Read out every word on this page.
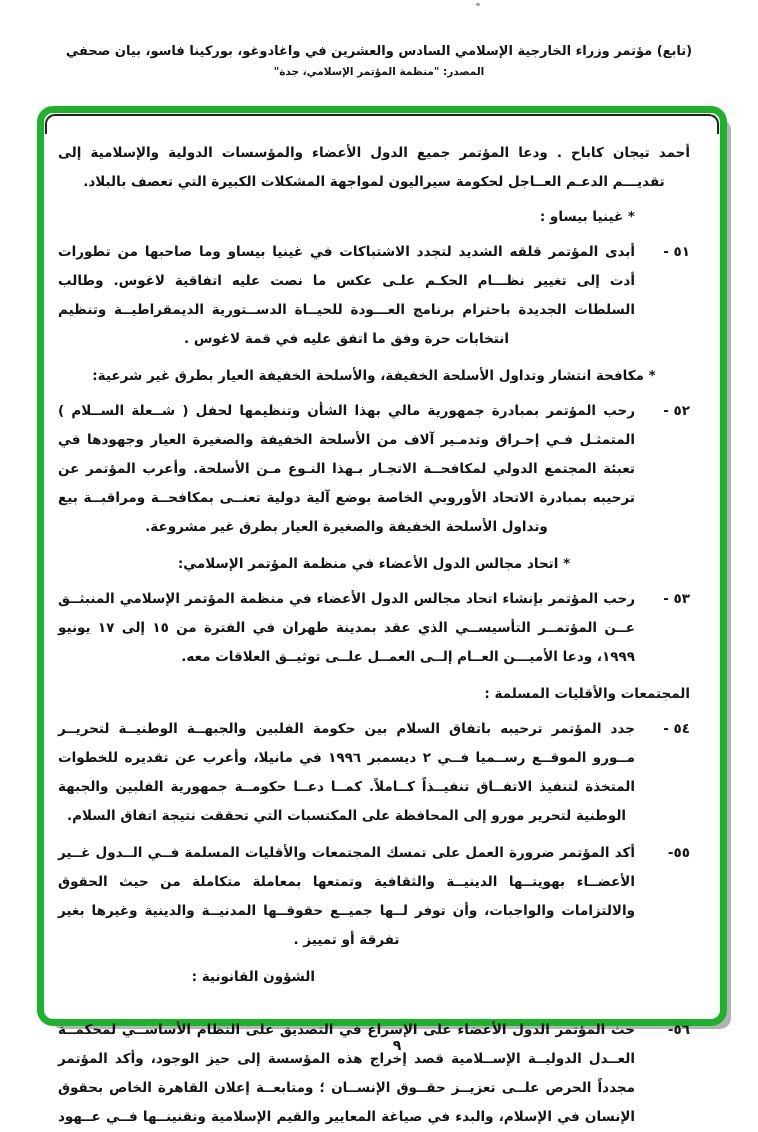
(تابع) مؤتمر وزراء الخارجية الإسلامي السادس والعشرين في واغادوغو، بوركينا فاسو، بيان صحفي
المصدر: "منظمة المؤتمر الإسلامي، جدة"

أحمد تيجان كاباح . ودعا المؤتمر جميع الدول الأعضاء والمؤسسات الدولية والإسلامية إلى تقديـــم الدعـم العــاجل لحكومة سيراليون لمواجهة المشكلات الكبيرة التي تعصف بالبلاد.

* غينيا بيساو :
٥١ -

أبدى المؤتمر قلقه الشديد لتجدد الاشتباكات في غينيا بيساو وما صاحبها من تطورات أدت إلى تغيير نظـــام الحكـم علـى عكس ما نصت عليه اتفاقية لاغوس. وطالب السلطات الجديدة باحترام برنامج العـــودة للحيــاة الدســتورية الديمقراطيــة وتنظيم انتخابات حرة وفق ما اتفق عليه في قمة لاغوس .

* مكافحة انتشار وتداول الأسلحة الخفيفة، والأسلحة الخفيفة العيار بطرق غير شرعية:
٥٢ -

رحب المؤتمر بمبادرة جمهورية مالي بهذا الشأن وتنظيمها لحفل ( شــعلة الســلام ) المتمثـل فـي إحـراق وتدمـير آلاف من الأسلحة الخفيفة والصغيرة العيار وجهودها في تعبئة المجتمع الدولي لمكافحــة الاتجـار بـهذا النـوع مـن الأسلحة. وأعرب المؤتمر عن ترحيبه بمبادرة الاتحاد الأوروبي الخاصة بوضع آلية دولية تعنــى بمكافحــة ومراقبــة بيع وتداول الأسلحة الخفيفة والصغيرة العيار بطرق غير مشروعة.

* اتحاد مجالس الدول الأعضاء في منظمة المؤتمر الإسلامي:
٥٣ -

رحب المؤتمر بإنشاء اتحاد مجالس الدول الأعضاء في منظمة المؤتمر الإسلامي المنبثــق عــن المؤتمــر التأسيســي الذي عقد بمدينة طهران في الفترة من ١٥ إلى ١٧ يونيو ١٩٩٩، ودعا الأميـــن العــام إلــى العمــل علــى توثيــق العلاقات معه.

المجتمعات والأقليات المسلمة :
٥٤ -

جدد المؤتمر ترحيبه باتفاق السلام بين حكومة الفلبين والجبهــة الوطنيــة لتحريــر مــورو الموقــع رســميا فــي ٢ ديسمبر ١٩٩٦ في مانيلا، وأعرب عن تقديره للخطوات المتخذة لتنفيذ الاتفــاق تنفيــذاً كــاملاً. كمــا دعــا حكومــة جمهورية الفلبين والجبهة الوطنية لتحرير مورو إلى المحافظة على المكتسبات التي تحققت نتيجة اتفاق السلام.

٥٥-

أكد المؤتمر ضرورة العمل على تمسك المجتمعات والأقليات المسلمة فــي الــدول غــير الأعضــاء بهويتــها الدينيــة والثقافية وتمتعها بمعاملة متكاملة من حيث الحقوق والالتزامات والواجبات، وأن توفر لــها جميــع حقوقــها المدنيــة والدينية وغيرها بغير تفرقة أو تمييز .

الشؤون القانونية :
٥٦-

حث المؤتمر الدول الأعضاء على الإسراع في التصديق على النظام الأساســي لمحكمــة العــدل الدوليــة الإســلامية قصد إخراج هذه المؤسسة إلى حيز الوجود، وأكد المؤتمر مجدداً الحرص علــى تعزيــز حقــوق الإنســان ؛ ومتابعــة إعلان القاهرة الخاص بحقوق الإنسان في الإسلام، والبدء في صياغة المعايير والقيم الإسلامية وتقنينــها فــي عــهود

٩
